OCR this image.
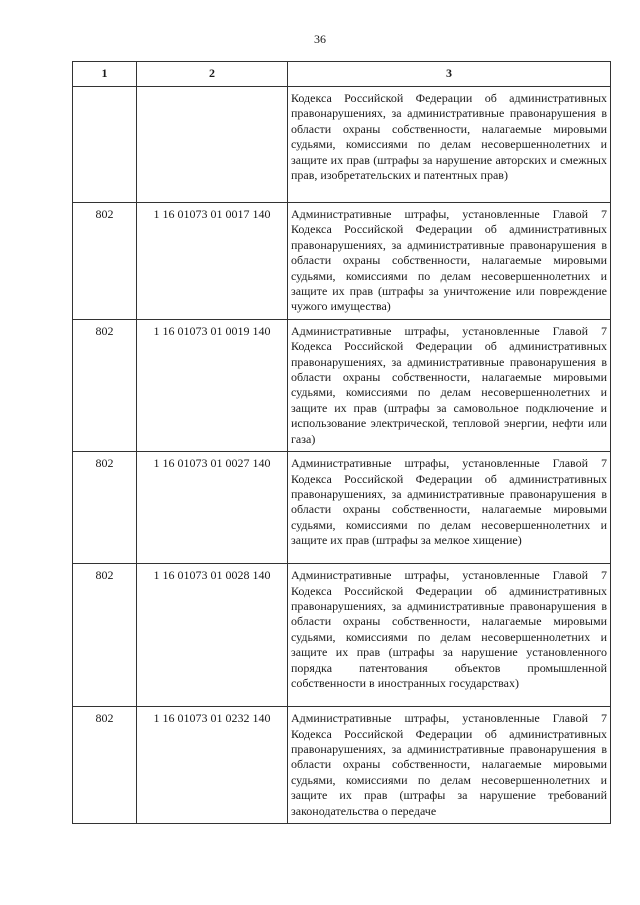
36
1	2	3
		Кодекса Российской Федерации об административных правонарушениях, за административные правонарушения в области охраны собственности, налагаемые мировыми судьями, комиссиями по делам несовершеннолетних и защите их прав (штрафы за нарушение авторских и смежных прав, изобретательских и патентных прав)
802	1 16 01073 01 0017 140	Административные штрафы, установленные Главой 7 Кодекса Российской Федерации об административных правонарушениях, за административные правонарушения в области охраны собственности, налагаемые мировыми судьями, комиссиями по делам несовершеннолетних и защите их прав (штрафы за уничтожение или повреждение чужого имущества)
802	1 16 01073 01 0019 140	Административные штрафы, установленные Главой 7 Кодекса Российской Федерации об административных правонарушениях, за административные правонарушения в области охраны собственности, налагаемые мировыми судьями, комиссиями по делам несовершеннолетних и защите их прав (штрафы за самовольное подключение и использование электрической, тепловой энергии, нефти или газа)
802	1 16 01073 01 0027 140	Административные штрафы, установленные Главой 7 Кодекса Российской Федерации об административных правонарушениях, за административные правонарушения в области охраны собственности, налагаемые мировыми судьями, комиссиями по делам несовершеннолетних и защите их прав (штрафы за мелкое хищение)
802	1 16 01073 01 0028 140	Административные штрафы, установленные Главой 7 Кодекса Российской Федерации об административных правонарушениях, за административные правонарушения в области охраны собственности, налагаемые мировыми судьями, комиссиями по делам несовершеннолетних и защите их прав (штрафы за нарушение установленного порядка патентования объектов промышленной собственности в иностранных государствах)
802	1 16 01073 01 0232 140	Административные штрафы, установленные Главой 7 Кодекса Российской Федерации об административных правонарушениях, за административные правонарушения в области охраны собственности, налагаемые мировыми судьями, комиссиями по делам несовершеннолетних и защите их прав (штрафы за нарушение требований законодательства о передаче
